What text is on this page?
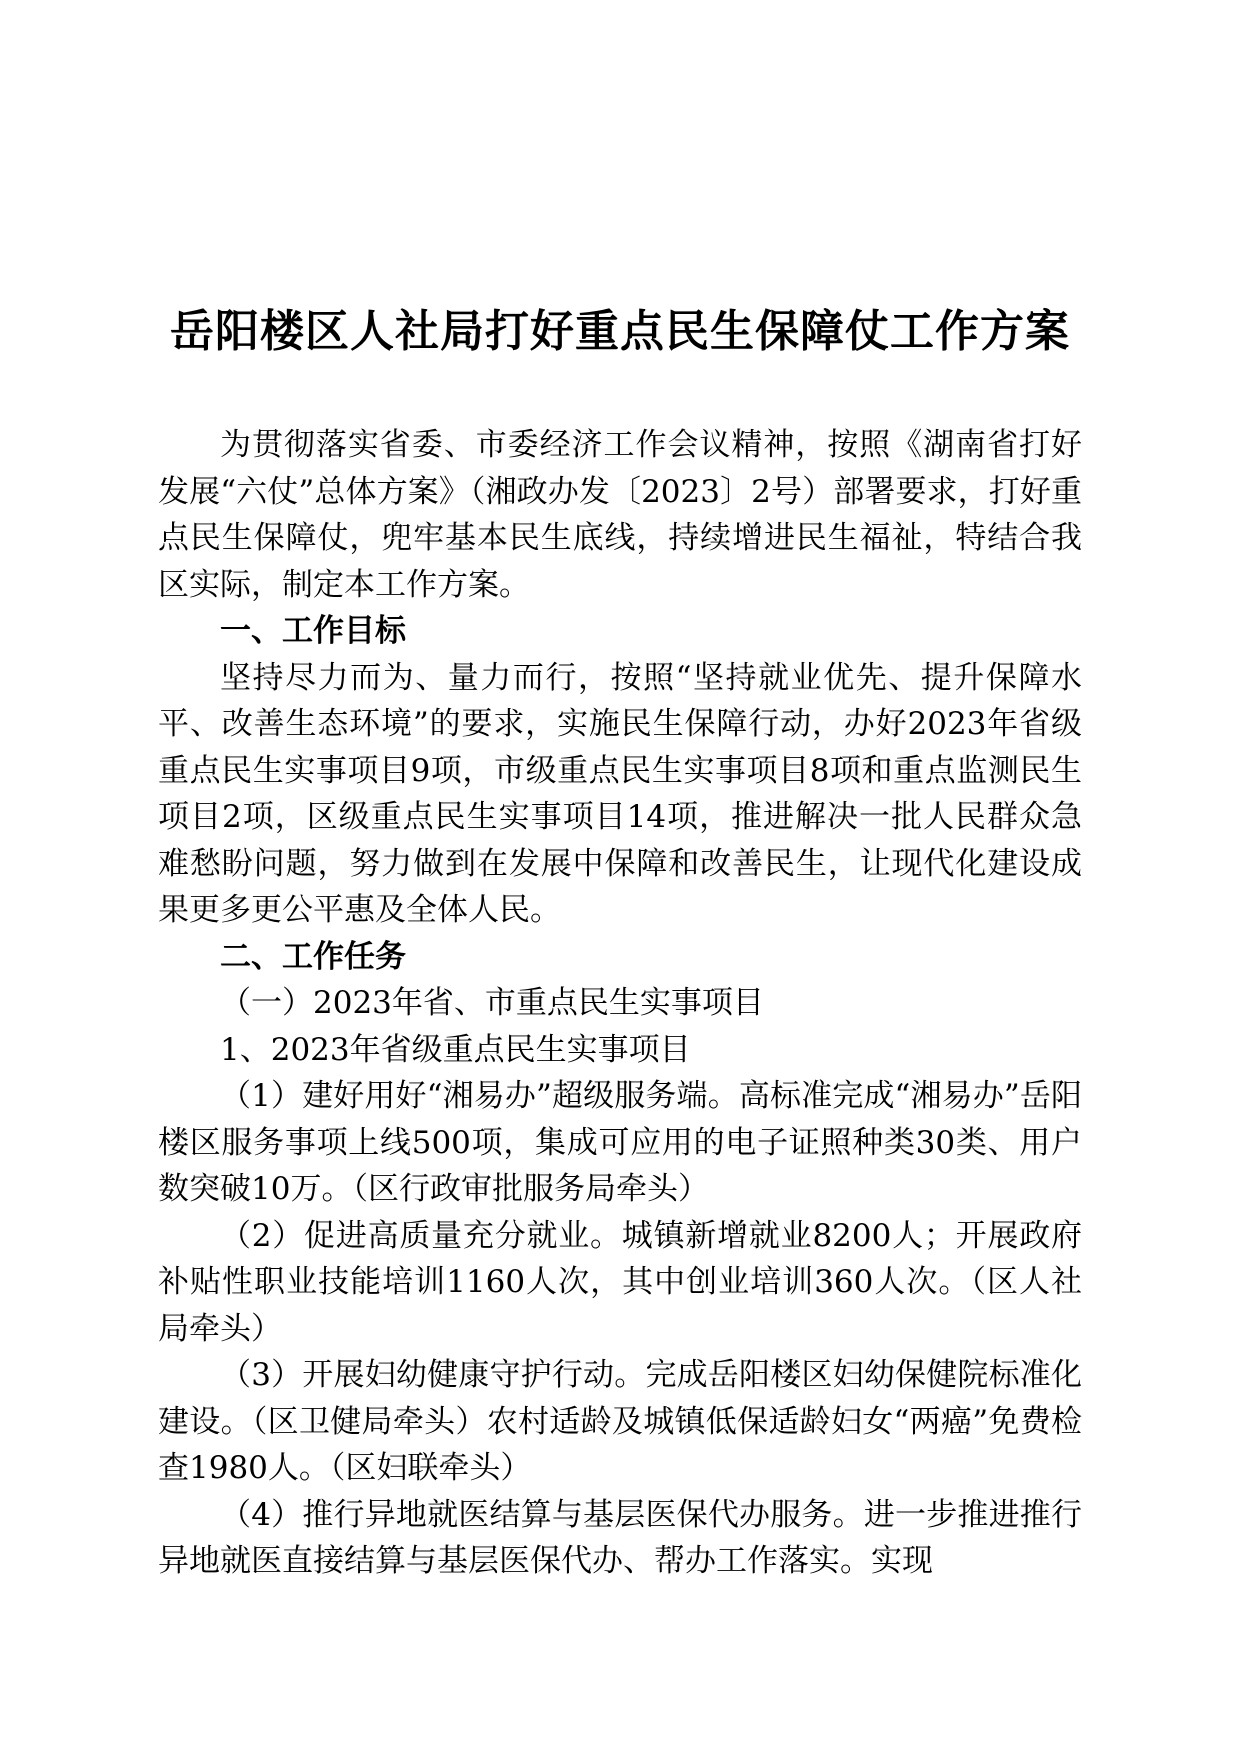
岳阳楼区人社局打好重点民生保障仗工作方案

为贯彻落实省委、市委经济工作会议精神，按照《湖南省打好发展“六仗”总体方案》（湘政办发〔2023〕2号）部署要求，打好重点民生保障仗，兜牢基本民生底线，持续增进民生福祉，特结合我区实际，制定本工作方案。

一、工作目标

坚持尽力而为、量力而行，按照“坚持就业优先、提升保障水平、改善生态环境”的要求，实施民生保障行动，办好2023年省级重点民生实事项目9项，市级重点民生实事项目8项和重点监测民生项目2项，区级重点民生实事项目14项，推进解决一批人民群众急难愁盼问题，努力做到在发展中保障和改善民生，让现代化建设成果更多更公平惠及全体人民。

二、工作任务

（一）2023年省、市重点民生实事项目

1、2023年省级重点民生实事项目

（1）建好用好“湘易办”超级服务端。高标准完成“湘易办”岳阳楼区服务事项上线500项，集成可应用的电子证照种类30类、用户数突破10万。（区行政审批服务局牵头）

（2）促进高质量充分就业。城镇新增就业8200人；开展政府补贴性职业技能培训1160人次，其中创业培训360人次。（区人社局牵头）

（3）开展妇幼健康守护行动。完成岳阳楼区妇幼保健院标准化建设。（区卫健局牵头）农村适龄及城镇低保适龄妇女“两癌”免费检查1980人。（区妇联牵头）

（4）推行异地就医结算与基层医保代办服务。进一步推进推行异地就医直接结算与基层医保代办、帮办工作落实。实现
